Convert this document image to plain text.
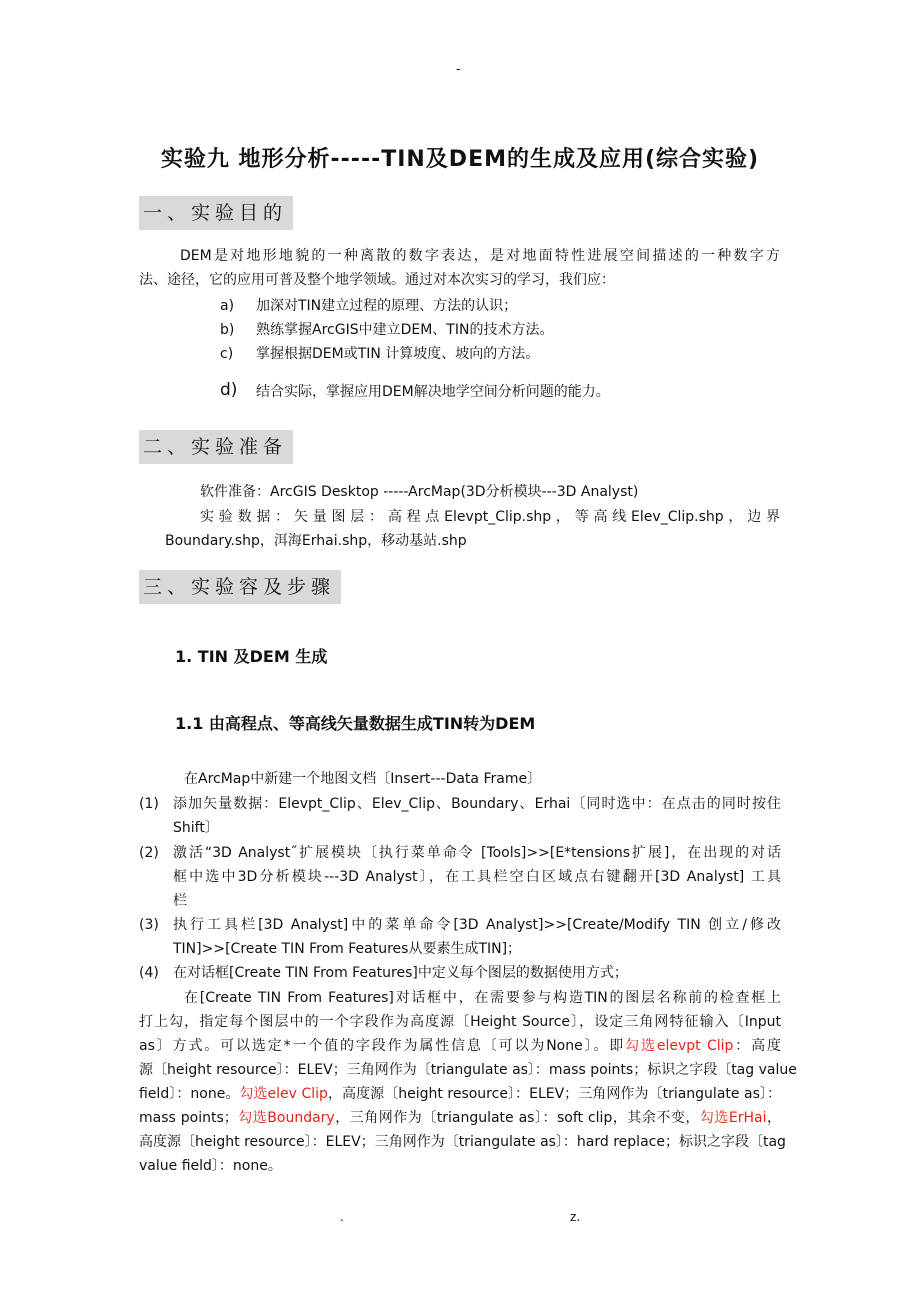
-
实验九 地形分析-----TIN及DEM的生成及应用(综合实验)
一、实验目的
DEM是对地形地貌的一种离散的数字表达，是对地面特性进展空间描述的一种数字方
法、途径，它的应用可普及整个地学领域。通过对本次实习的学习，我们应：
a) 加深对TIN建立过程的原理、方法的认识；
b) 熟练掌握ArcGIS中建立DEM、TIN的技术方法。
c) 掌握根据DEM或TIN 计算坡度、坡向的方法。
d) 结合实际，掌握应用DEM解决地学空间分析问题的能力。
二、实验准备
软件准备：ArcGIS Desktop -----ArcMap(3D分析模块---3D Analyst)
实验数据：矢量图层：高程点Elevpt_Clip.shp，等高线Elev_Clip.shp，边界
Boundary.shp，洱海Erhai.shp，移动基站.shp
三、实验容及步骤
1. TIN 及DEM 生成
1.1 由高程点、等高线矢量数据生成TIN转为DEM
在ArcMap中新建一个地图文档〔Insert---Data Frame〕
(1) 添加矢量数据：Elevpt_Clip、Elev_Clip、Boundary、Erhai〔同时选中：在点击的同时按住
Shift〕
(2) 激活“3D Analyst˝扩展模块〔执行菜单命令 [Tools]>>[E*tensions扩展]，在出现的对话
框中选中3D分析模块---3D Analyst〕，在工具栏空白区域点右键翻开[3D Analyst] 工具
栏
(3) 执行工具栏[3D Analyst]中的菜单命令[3D Analyst]>>[Create/Modify TIN 创立/修改
TIN]>>[Create TIN From Features从要素生成TIN]；
(4) 在对话框[Create TIN From Features]中定义每个图层的数据使用方式；
在[Create TIN From Features]对话框中，在需要参与构造TIN的图层名称前的检查框上
打上勾，指定每个图层中的一个字段作为高度源〔Height Source〕，设定三角网特征输入〔Input
as〕方式。可以选定*一个值的字段作为属性信息〔可以为None〕。即勾选elevpt Clip：高度
源〔height resource〕：ELEV；三角网作为〔triangulate as〕：mass points；标识之字段〔tag value
field〕：none。勾选elev Clip，高度源〔height resource〕：ELEV；三角网作为〔triangulate as〕：
mass points；勾选Boundary，三角网作为〔triangulate as〕：soft clip，其余不变，勾选ErHai，
高度源〔height resource〕：ELEV；三角网作为〔triangulate as〕：hard replace；标识之字段〔tag
value field〕：none。
.	z.
